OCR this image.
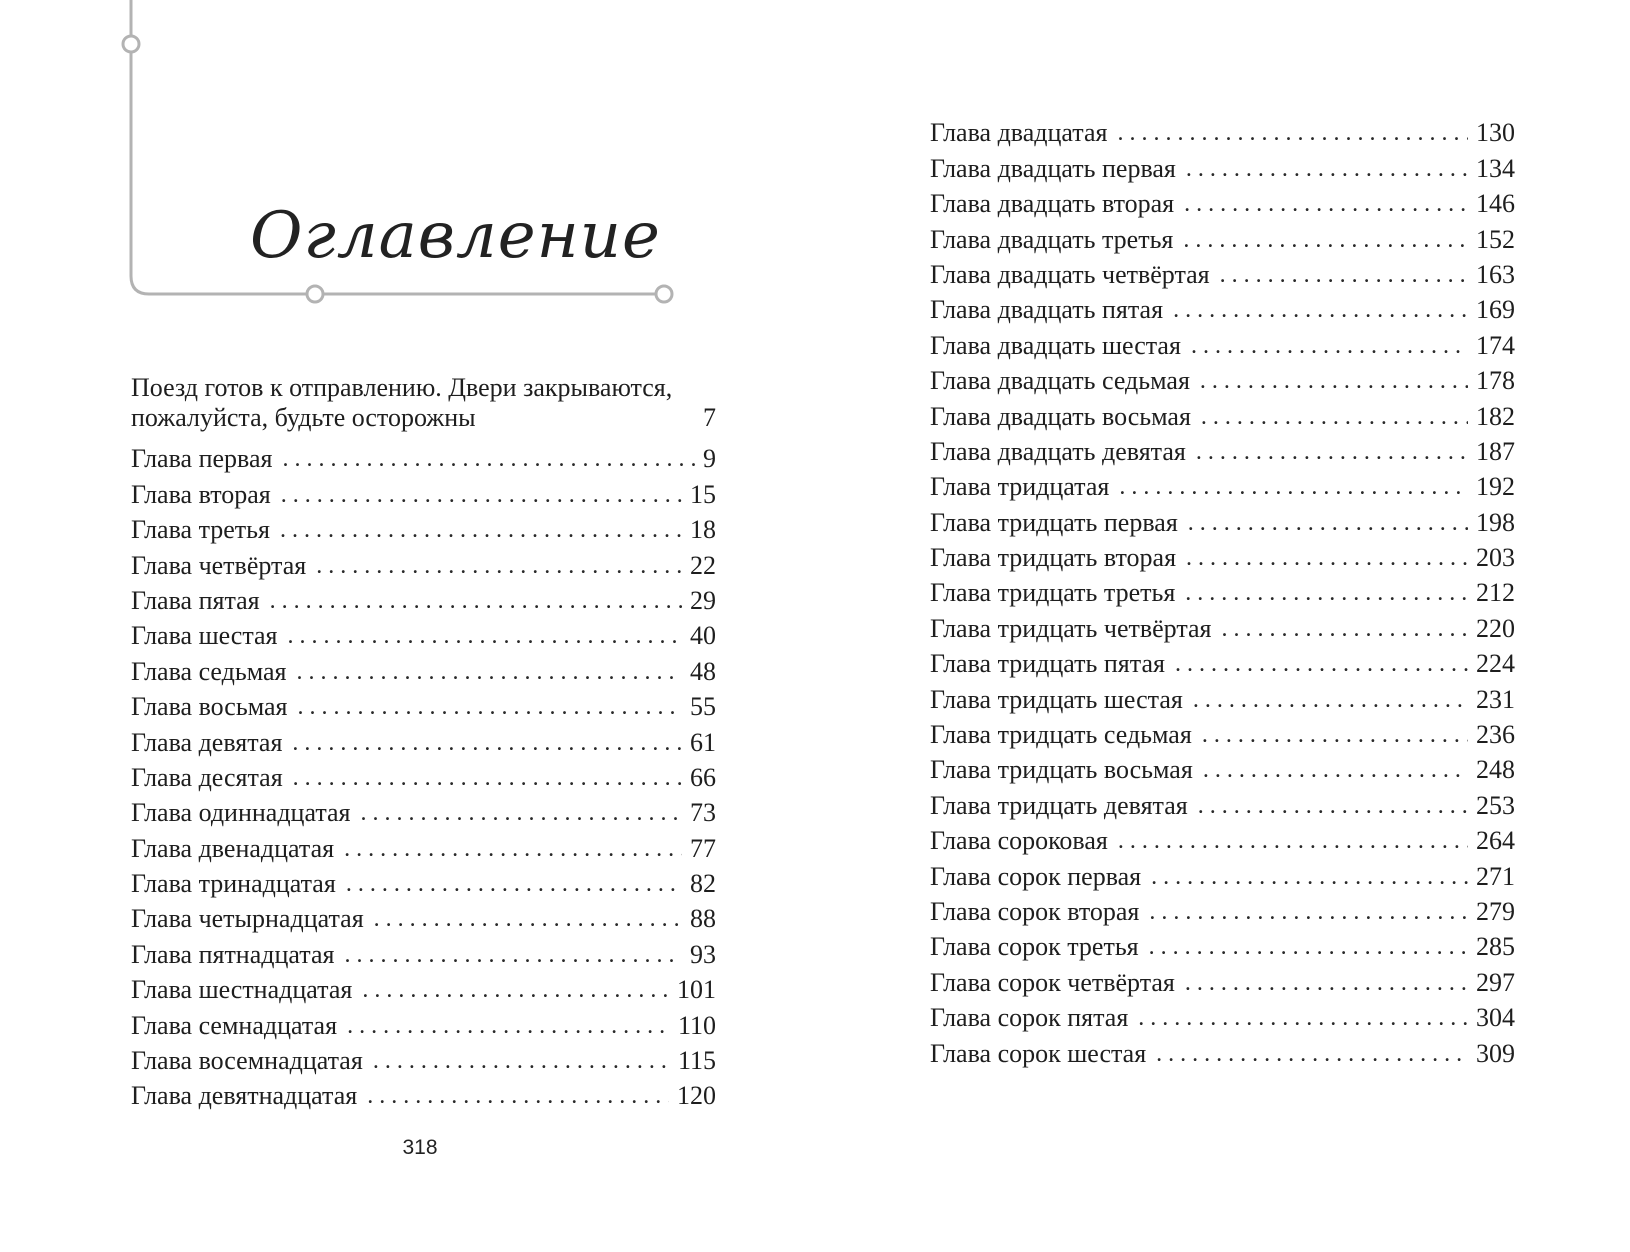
Оглавление
Поезд готов к отправлению. Двери закрываются, пожалуйста, будьте осторожны	7
Глава первая . . .	9
Глава вторая . . .	15
Глава третья . . .	18
Глава четвёртая . . .	22
Глава пятая . . .	29
Глава шестая . . .	40
Глава седьмая . . .	48
Глава восьмая . . .	55
Глава девятая . . .	61
Глава десятая . . .	66
Глава одиннадцатая . . .	73
Глава двенадцатая . . .	77
Глава тринадцатая . . .	82
Глава четырнадцатая . . .	88
Глава пятнадцатая . . .	93
Глава шестнадцатая . . .	101
Глава семнадцатая . . .	110
Глава восемнадцатая . . .	115
Глава девятнадцатая . . .	120
Глава двадцатая . . .	130
Глава двадцать первая . . .	134
Глава двадцать вторая . . .	146
Глава двадцать третья . . .	152
Глава двадцать четвёртая . . .	163
Глава двадцать пятая . . .	169
Глава двадцать шестая . . .	174
Глава двадцать седьмая . . .	178
Глава двадцать восьмая . . .	182
Глава двадцать девятая . . .	187
Глава тридцатая . . .	192
Глава тридцать первая . . .	198
Глава тридцать вторая . . .	203
Глава тридцать третья . . .	212
Глава тридцать четвёртая . . .	220
Глава тридцать пятая . . .	224
Глава тридцать шестая . . .	231
Глава тридцать седьмая . . .	236
Глава тридцать восьмая . . .	248
Глава тридцать девятая . . .	253
Глава сороковая . . .	264
Глава сорок первая . . .	271
Глава сорок вторая . . .	279
Глава сорок третья . . .	285
Глава сорок четвёртая . . .	297
Глава сорок пятая . . .	304
Глава сорок шестая . . .	309
318
